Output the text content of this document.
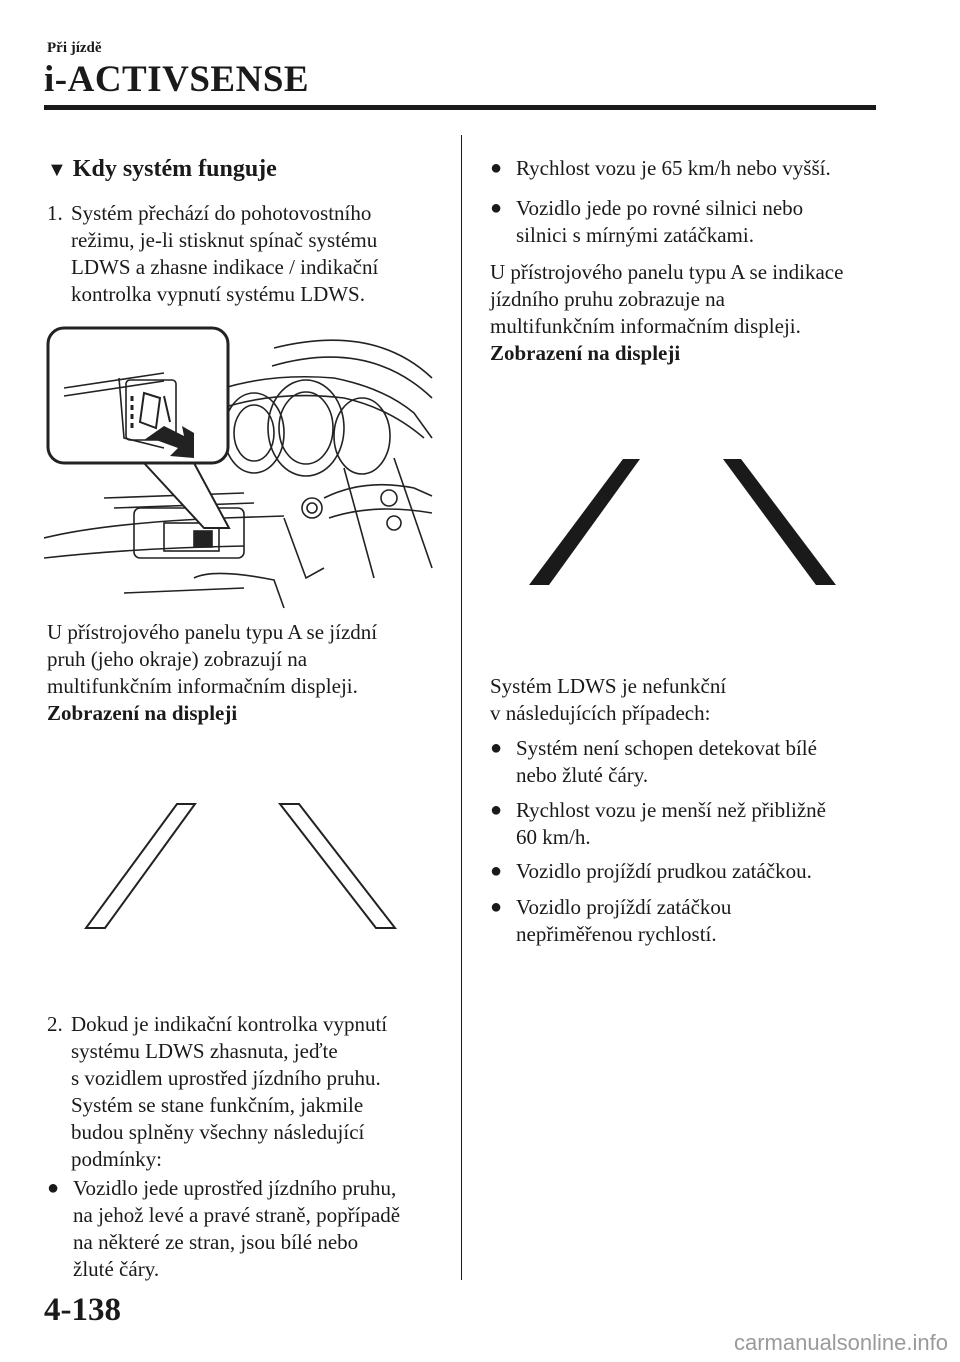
Při jízdě
i-ACTIVSENSE
▼ Kdy systém funguje
1. Systém přechází do pohotovostního
režimu, je-li stisknut spínač systému
LDWS a zhasne indikace / indikační
kontrolka vypnutí systému LDWS.
U přístrojového panelu typu A se jízdní
pruh (jeho okraje) zobrazují na
multifunkčním informačním displeji.
Zobrazení na displeji
2. Dokud je indikační kontrolka vypnutí
systému LDWS zhasnuta, jeďte
s vozidlem uprostřed jízdního pruhu.
Systém se stane funkčním, jakmile
budou splněny všechny následující
podmínky:
● Vozidlo jede uprostřed jízdního pruhu,
na jehož levé a pravé straně, popřípadě
na některé ze stran, jsou bílé nebo
žluté čáry.
● Rychlost vozu je 65 km/h nebo vyšší.
● Vozidlo jede po rovné silnici nebo
silnici s mírnými zatáčkami.
U přístrojového panelu typu A se indikace
jízdního pruhu zobrazuje na
multifunkčním informačním displeji.
Zobrazení na displeji
Systém LDWS je nefunkční
v následujících případech:
● Systém není schopen detekovat bílé
nebo žluté čáry.
● Rychlost vozu je menší než přibližně
60 km/h.
● Vozidlo projíždí prudkou zatáčkou.
● Vozidlo projíždí zatáčkou
nepřiměřenou rychlostí.
4-138
carmanualsonline.info
